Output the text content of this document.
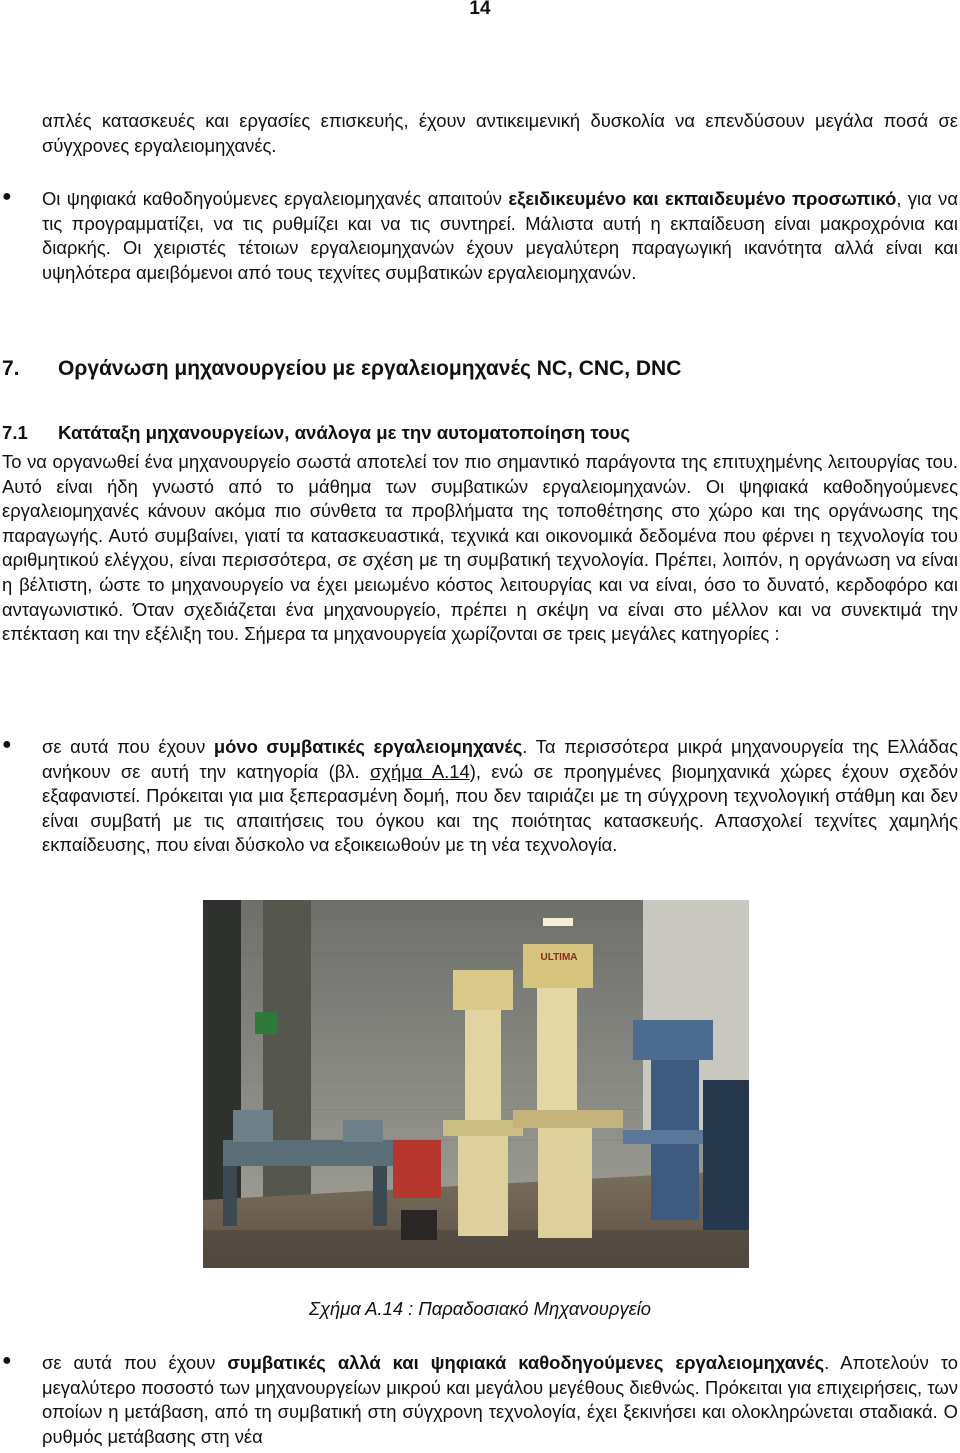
14

απλές κατασκευές και εργασίες επισκευής, έχουν αντικειμενική δυσκολία να επενδύσουν μεγάλα ποσά σε σύγχρονες εργαλειομηχανές.

●	Οι ψηφιακά καθοδηγούμενες εργαλειομηχανές απαιτούν εξειδικευμένο και εκπαιδευμένο προσωπικό, για να τις προγραμματίζει, να τις ρυθμίζει και να τις συντηρεί. Μάλιστα αυτή η εκπαίδευση είναι μακροχρόνια και διαρκής. Οι χειριστές τέτοιων εργαλειομηχανών έχουν μεγαλύτερη παραγωγική ικανότητα αλλά είναι και υψηλότερα αμειβόμενοι από τους τεχνίτες συμβατικών εργαλειομηχανών.

7. Οργάνωση μηχανουργείου με εργαλειομηχανές NC, CNC, DNC
7.1 Κατάταξη μηχανουργείων, ανάλογα με την αυτοματοποίηση τους

Το να οργανωθεί ένα μηχανουργείο σωστά αποτελεί τον πιο σημαντικό παράγοντα της επιτυχημένης λειτουργίας του. Αυτό είναι ήδη γνωστό από το μάθημα των συμβατικών εργαλειομηχανών. Οι ψηφιακά καθοδηγούμενες εργαλειομηχανές κάνουν ακόμα πιο σύνθετα τα προβλήματα της τοποθέτησης στο χώρο και της οργάνωσης της παραγωγής. Αυτό συμβαίνει, γιατί τα κατασκευαστικά, τεχνικά και οικονομικά δεδομένα που φέρνει η τεχνολογία του αριθμητικού ελέγχου, είναι περισσότερα, σε σχέση με τη συμβατική τεχνολογία. Πρέπει, λοιπόν, η οργάνωση να είναι η βέλτιστη, ώστε το μηχανουργείο να έχει μειωμένο κόστος λειτουργίας και να είναι, όσο το δυνατό, κερδοφόρο και ανταγωνιστικό. Όταν σχεδιάζεται ένα μηχανουργείο, πρέπει η σκέψη να είναι στο μέλλον και να συνεκτιμά την επέκταση και την εξέλιξη του. Σήμερα τα μηχανουργεία χωρίζονται σε τρεις μεγάλες κατηγορίες :

●	σε αυτά που έχουν μόνο συμβατικές εργαλειομηχανές. Τα περισσότερα μικρά μηχανουργεία της Ελλάδας ανήκουν σε αυτή την κατηγορία (βλ. σχήμα Α.14), ενώ σε προηγμένες βιομηχανικά χώρες έχουν σχεδόν εξαφανιστεί. Πρόκειται για μια ξεπερασμένη δομή, που δεν ταιριάζει με τη σύγχρονη τεχνολογική στάθμη και δεν είναι συμβατή με τις απαιτήσεις του όγκου και της ποιότητας κατασκευής. Απασχολεί τεχνίτες χαμηλής εκπαίδευσης, που είναι δύσκολο να εξοικειωθούν με τη νέα τεχνολογία.

ULTIMA
Σχήμα Α.14 : Παραδοσιακό Μηχανουργείο
●	σε αυτά που έχουν συμβατικές αλλά και ψηφιακά καθοδηγούμενες εργαλειομηχανές. Αποτελούν το μεγαλύτερο ποσοστό των μηχανουργείων μικρού και μεγάλου μεγέθους διεθνώς. Πρόκειται για επιχειρήσεις, των οποίων η μετάβαση, από τη συμβατική στη σύγχρονη τεχνολογία, έχει ξεκινήσει και ολοκληρώνεται σταδιακά. Ο ρυθμός μετάβασης στη νέα
